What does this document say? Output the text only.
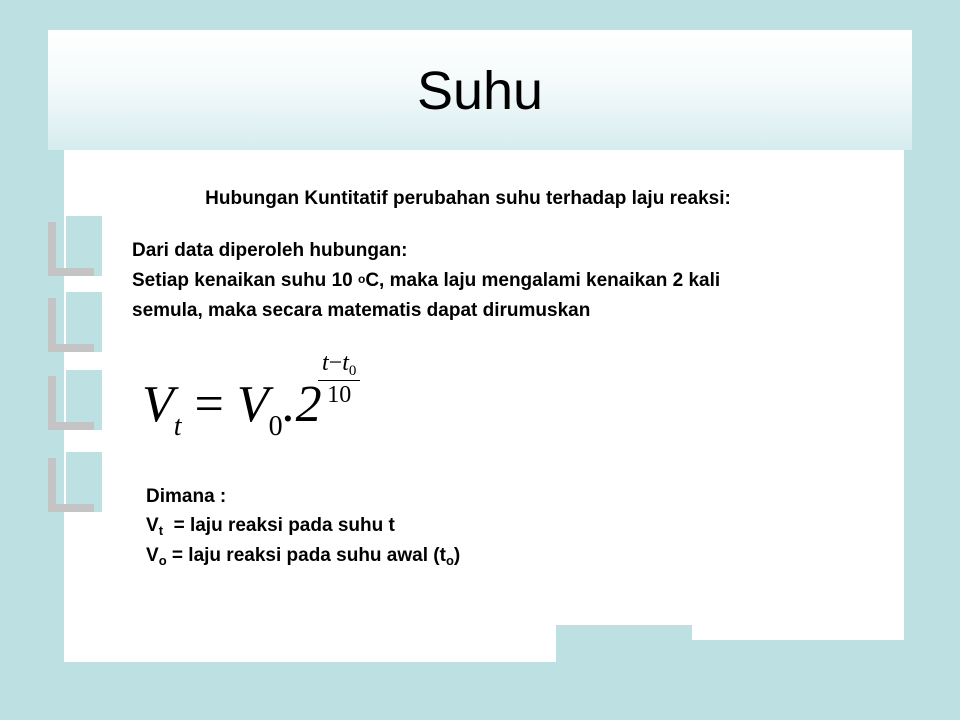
Suhu
Hubungan Kuntitatif perubahan suhu terhadap laju reaksi:
Dari data diperoleh hubungan:
Setiap kenaikan suhu 10 $^o$C, maka laju mengalami kenaikan 2 kali
semula, maka secara matematis dapat dirumuskan
$V_t = V_0.2$
$\frac{t-t_0}{10}$
Dimana :
$V_t$  = laju reaksi pada suhu t
$V_o$ = laju reaksi pada suhu awal $(t_o)$
